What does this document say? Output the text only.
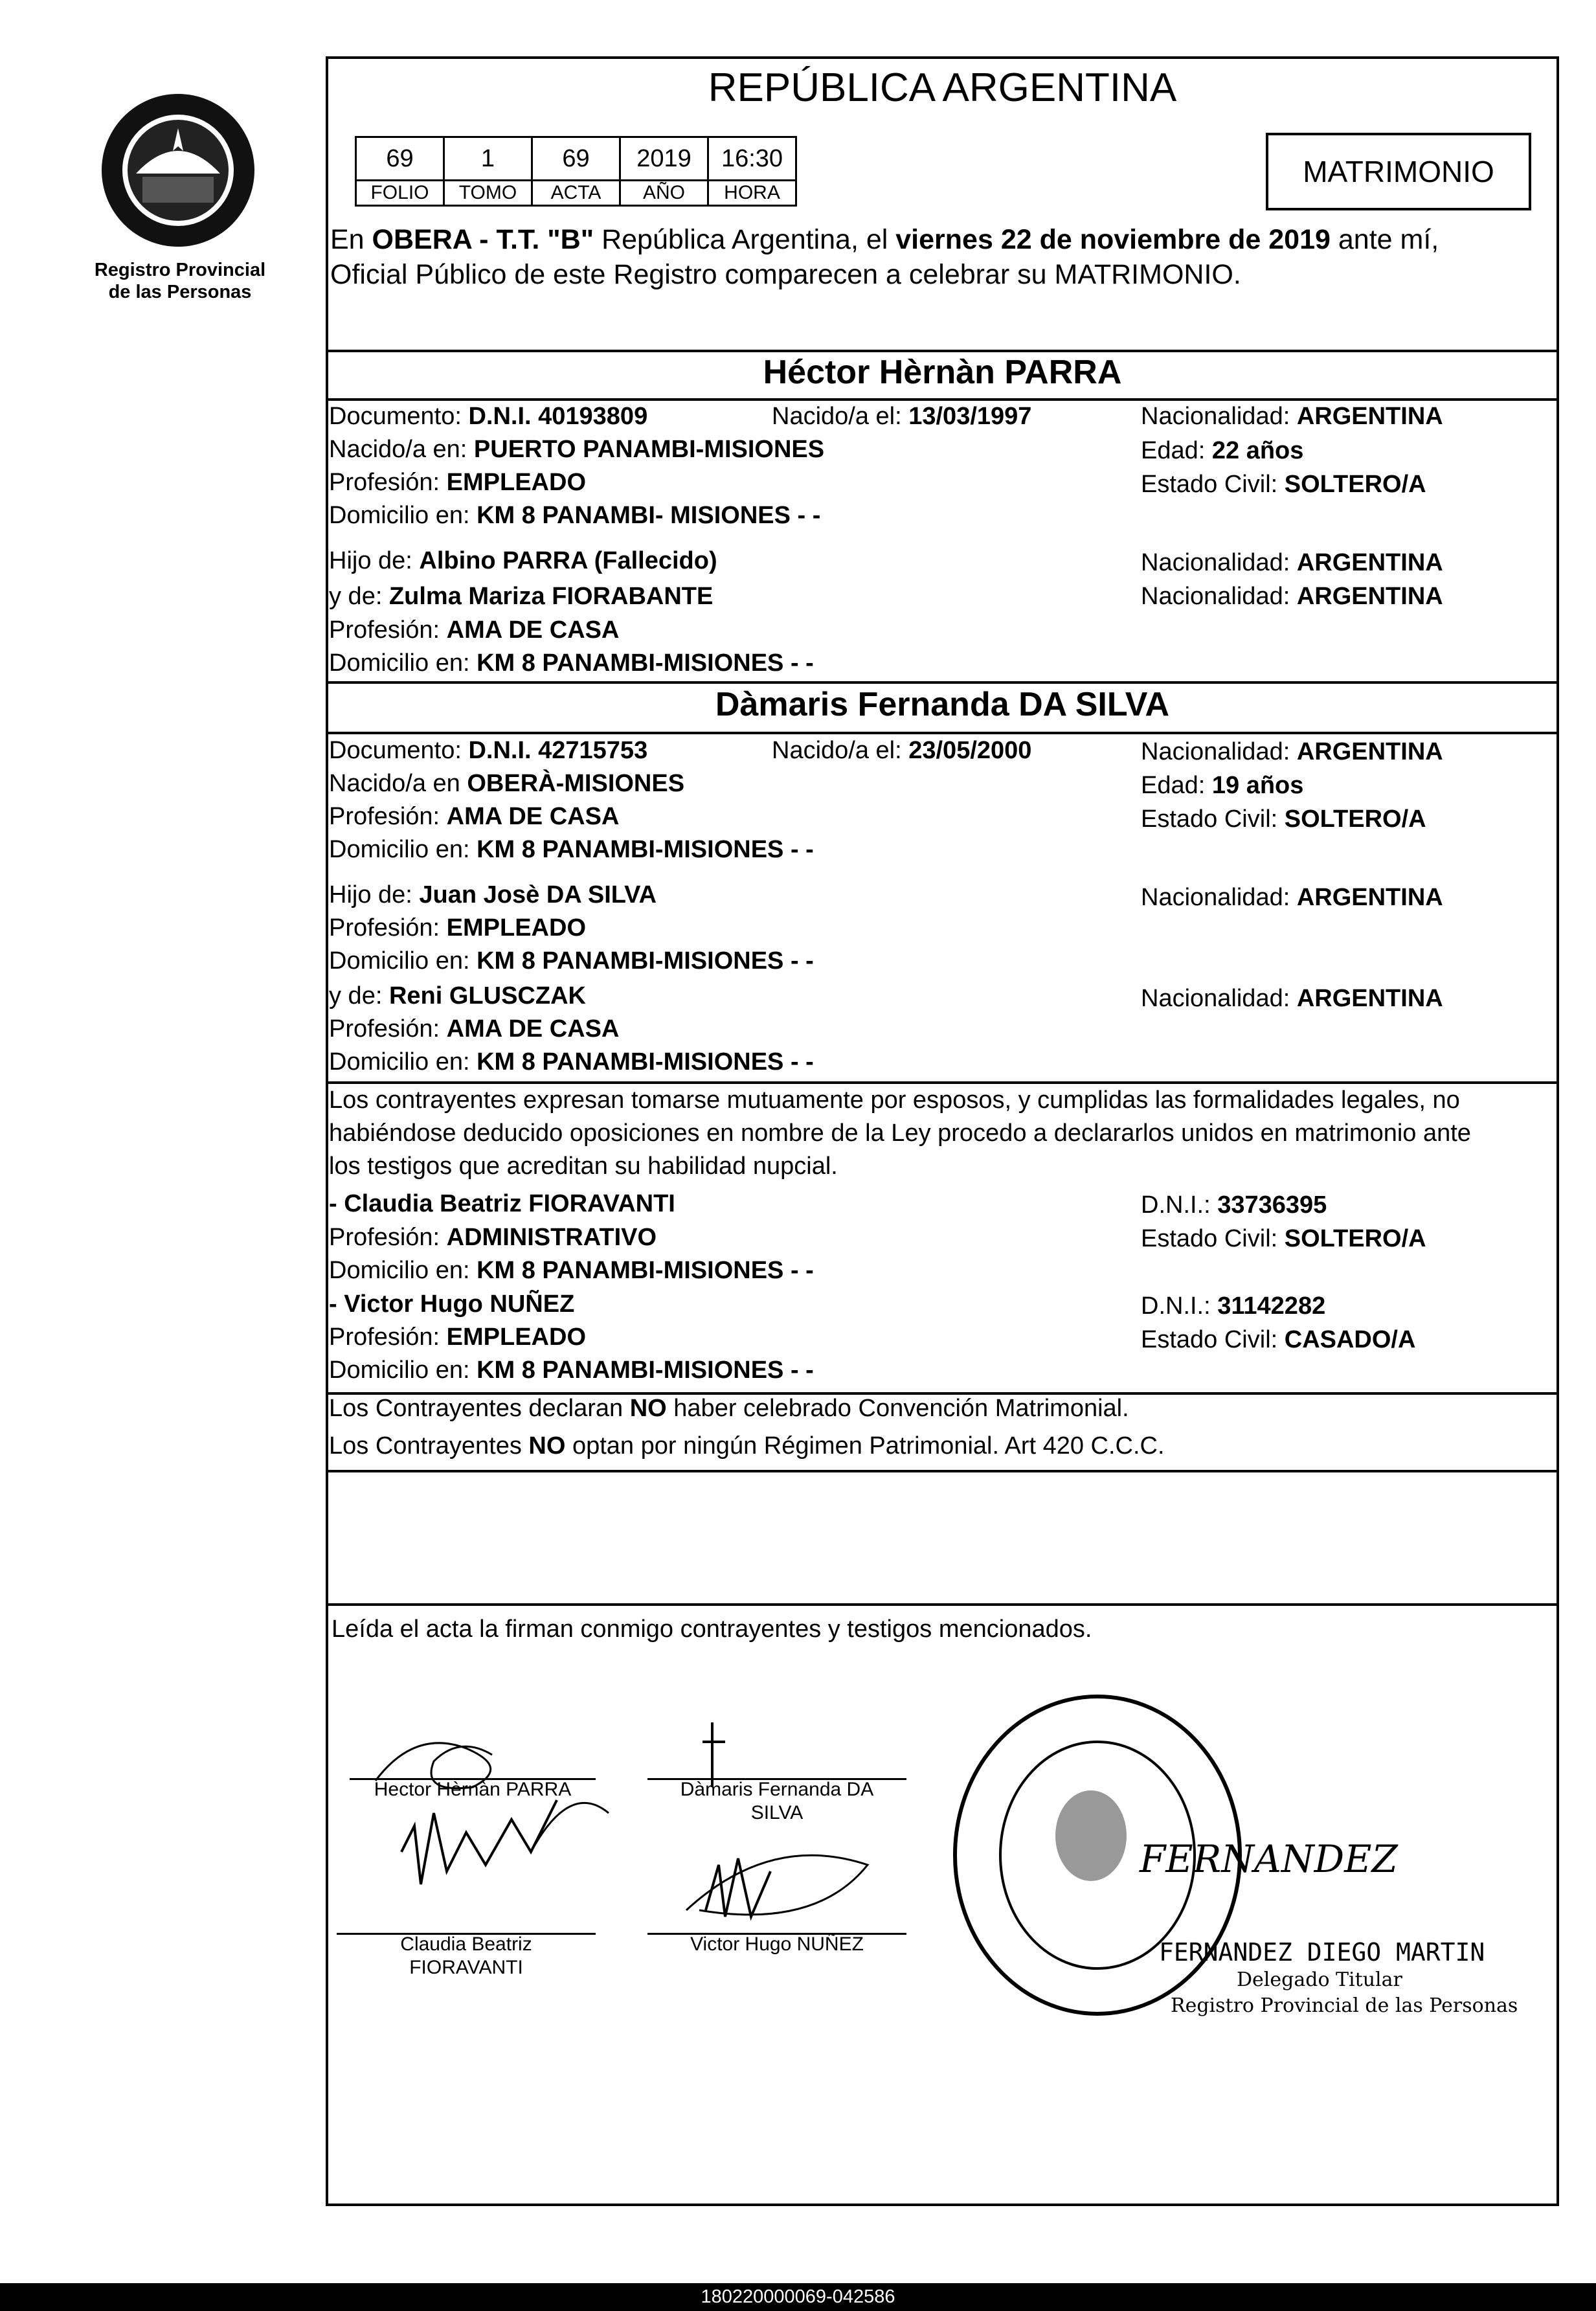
Registro Provincial
de las Personas
REPÚBLICA ARGENTINA
69	1	69	2019	16:30
FOLIO	TOMO	ACTA	AÑO	HORA
MATRIMONIO
En OBERA - T.T. "B" República Argentina, el viernes 22 de noviembre de 2019 ante mí,
Oficial Público de este Registro comparecen a celebrar su MATRIMONIO.
Héctor Hèrnàn PARRA
Documento: D.N.I. 40193809	Nacido/a el: 13/03/1997	Nacionalidad: ARGENTINA
Nacido/a en: PUERTO PANAMBI-MISIONES	Edad: 22 años
Profesión: EMPLEADO	Estado Civil: SOLTERO/A
Domicilio en: KM 8 PANAMBI- MISIONES - -
Hijo de: Albino PARRA (Fallecido)	Nacionalidad: ARGENTINA
y de: Zulma Mariza FIORABANTE	Nacionalidad: ARGENTINA
Profesión: AMA DE CASA
Domicilio en: KM 8 PANAMBI-MISIONES - -
Dàmaris Fernanda DA SILVA
Documento: D.N.I. 42715753	Nacido/a el: 23/05/2000	Nacionalidad: ARGENTINA
Nacido/a en OBERÀ-MISIONES	Edad: 19 años
Profesión: AMA DE CASA	Estado Civil: SOLTERO/A
Domicilio en: KM 8 PANAMBI-MISIONES - -
Hijo de: Juan Josè DA SILVA	Nacionalidad: ARGENTINA
Profesión: EMPLEADO
Domicilio en: KM 8 PANAMBI-MISIONES - -
y de: Reni GLUSCZAK	Nacionalidad: ARGENTINA
Profesión: AMA DE CASA
Domicilio en: KM 8 PANAMBI-MISIONES - -
Los contrayentes expresan tomarse mutuamente por esposos, y cumplidas las formalidades legales, no
habiéndose deducido oposiciones en nombre de la Ley procedo a declararlos unidos en matrimonio ante
los testigos que acreditan su habilidad nupcial.
- Claudia Beatriz FIORAVANTI	D.N.I.: 33736395
Profesión: ADMINISTRATIVO	Estado Civil: SOLTERO/A
Domicilio en: KM 8 PANAMBI-MISIONES - -
- Victor Hugo NUÑEZ	D.N.I.: 31142282
Profesión: EMPLEADO	Estado Civil: CASADO/A
Domicilio en: KM 8 PANAMBI-MISIONES - -
Los Contrayentes declaran NO haber celebrado Convención Matrimonial.
Los Contrayentes NO optan por ningún Régimen Patrimonial. Art 420 C.C.C.
Leída el acta la firman conmigo contrayentes y testigos mencionados.
Hector Hèrnàn PARRA	Dàmaris Fernanda DA
SILVA
Claudia Beatriz
FIORAVANTI
Victor Hugo NUÑEZ
FERNANDEZ
FERNANDEZ DIEGO MARTIN
Delegado Titular
Registro Provincial de las Personas
180220000069-042586
